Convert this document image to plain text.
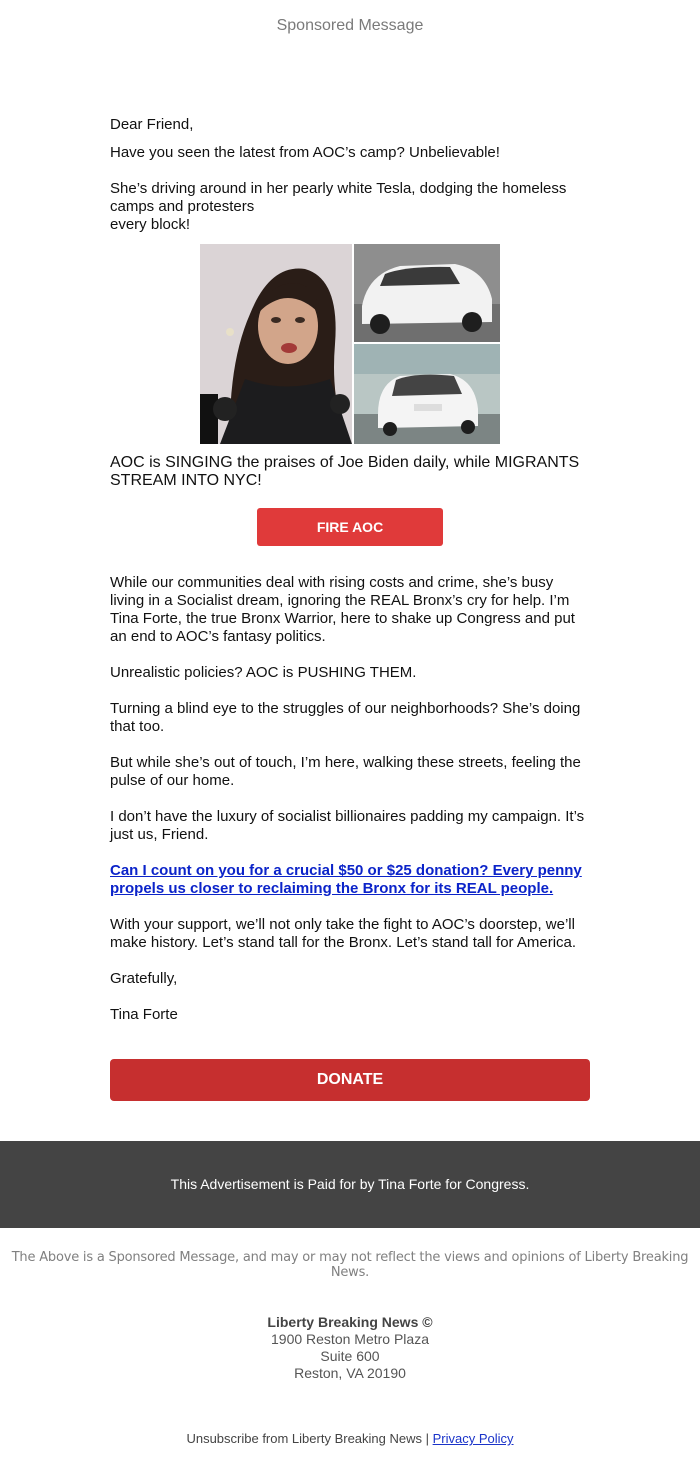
Sponsored Message

Dear Friend,

Have you seen the latest from AOC’s camp? Unbelievable!

She’s driving around in her pearly white Tesla, dodging the homeless camps and protesters
every block!

AOC is SINGING the praises of Joe Biden daily, while MIGRANTS STREAM INTO NYC!

FIRE AOC

While our communities deal with rising costs and crime, she’s busy living in a Socialist dream, ignoring the REAL Bronx’s cry for help. I’m Tina Forte, the true Bronx Warrior, here to shake up Congress and put an end to AOC’s fantasy politics.

Unrealistic policies? AOC is PUSHING THEM.

Turning a blind eye to the struggles of our neighborhoods? She’s doing that too.

But while she’s out of touch, I’m here, walking these streets, feeling the pulse of our home.

I don’t have the luxury of socialist billionaires padding my campaign. It’s just us, Friend.

Can I count on you for a crucial $50 or $25 donation? Every penny propels us closer to reclaiming the Bronx for its REAL people.

With your support, we’ll not only take the fight to AOC’s doorstep, we’ll make history. Let’s stand tall for the Bronx. Let’s stand tall for America.

Gratefully,

Tina Forte

DONATE
This Advertisement is Paid for by Tina Forte for Congress.
The Above is a Sponsored Message, and may or may not reflect the views and opinions of Liberty Breaking News.
Liberty Breaking News ©
1900 Reston Metro Plaza
Suite 600
Reston, VA 20190
Unsubscribe from Liberty Breaking News | Privacy Policy
